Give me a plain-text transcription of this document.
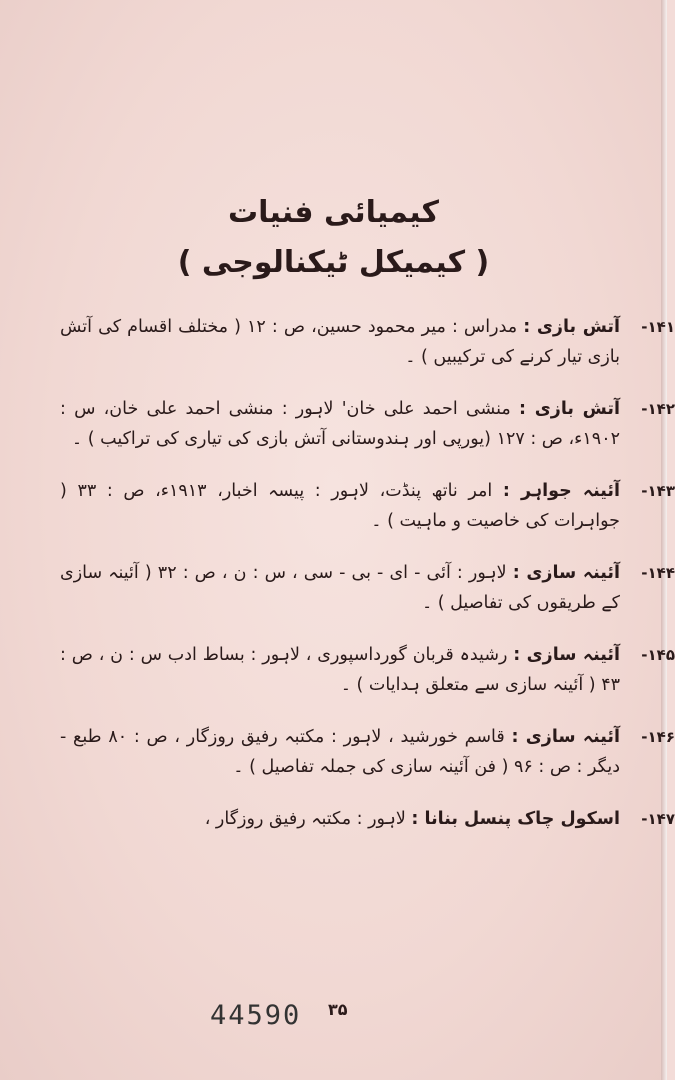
کیمیائی فنیات
( کیمیکل ٹیکنالوجی )
-۱۴۱
آتش بازی : مدراس : میر محمود حسین، ص : ۱۲ ( مختلف اقسام کی آتش بازی تیار کرنے کی ترکیبیں ) ۔
-۱۴۲
آتش بازی : منشی احمد علی خان' لاہور : منشی احمد علی خان، س : ۱۹۰۲ء، ص : ۱۲۷ (یورپی اور ہندوستانی آتش بازی کی تیاری کی تراکیب ) ۔
-۱۴۳
آئینہ جواہر : امر ناتھ پنڈت، لاہور : پیسہ اخبار، ۱۹۱۳ء، ص : ۳۳ ( جواہرات کی خاصیت و ماہیت ) ۔
-۱۴۴
آئینہ سازی : لاہور : آئی - ای - بی - سی ، س : ن ، ص : ۳۲ ( آئینہ سازی کے طریقوں کی تفاصیل ) ۔
-۱۴۵
آئینہ سازی : رشیدہ قربان گورداسپوری ، لاہور : بساط ادب س : ن ، ص : ۴۳ ( آئینہ سازی سے متعلق ہدایات ) ۔
-۱۴۶
آئینہ سازی : قاسم خورشید ، لاہور : مکتبہ رفیق روزگار ، ص : ۸۰ طبع - دیگر : ص : ۹۶ ( فن آئینہ سازی کی جملہ تفاصیل ) ۔
-۱۴۷
اسکول چاک پنسل بنانا : لاہور : مکتبہ رفیق روزگار ،
44590 ۳۵
